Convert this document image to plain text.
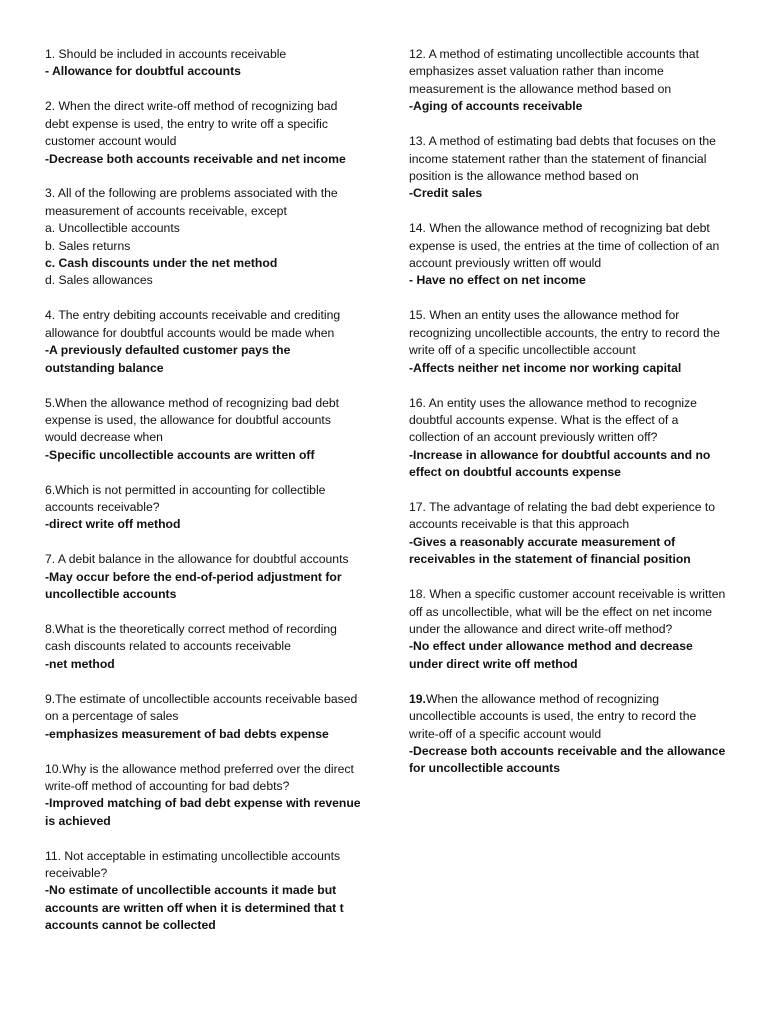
1. Should be included in accounts receivable
- Allowance for doubtful accounts
2. When the direct write-off method of recognizing bad debt expense is used, the entry to write off a specific customer account would
-Decrease both accounts receivable and net income
3. All of the following are problems associated with the measurement of accounts receivable, except
a. Uncollectible accounts
b. Sales returns
c. Cash discounts under the net method
d. Sales allowances
4. The entry debiting accounts receivable and crediting allowance for doubtful accounts would be made when
-A previously defaulted customer pays the outstanding balance
5.When the allowance method of recognizing bad debt expense is used, the allowance for doubtful accounts would decrease when
-Specific uncollectible accounts are written off
6.Which is not permitted in accounting for collectible accounts receivable?
-direct write off method
7. A debit balance in the allowance for doubtful accounts
-May occur before the end-of-period adjustment for uncollectible accounts
8.What is the theoretically correct method of recording cash discounts related to accounts receivable
-net method
9.The estimate of uncollectible accounts receivable based on a percentage of sales
-emphasizes measurement of bad debts expense
10.Why is the allowance method preferred over the direct write-off method of accounting for bad debts?
-Improved matching of bad debt expense with revenue is achieved
11. Not acceptable in estimating uncollectible accounts receivable?
-No estimate of uncollectible accounts it made but accounts are written off when it is determined that t accounts cannot be collected
12. A method of estimating uncollectible accounts that emphasizes asset valuation rather than income measurement is the allowance method based on
-Aging of accounts receivable
13. A method of estimating bad debts that focuses on the income statement rather than the statement of financial position is the allowance method based on
-Credit sales
14. When the allowance method of recognizing bat debt expense is used, the entries at the time of collection of an account previously written off would
- Have no effect on net income
15. When an entity uses the allowance method for recognizing uncollectible accounts, the entry to record the write off of a specific uncollectible account
-Affects neither net income nor working capital
16. An entity uses the allowance method to recognize doubtful accounts expense. What is the effect of a collection of an account previously written off?
-Increase in allowance for doubtful accounts and no effect on doubtful accounts expense
17. The advantage of relating the bad debt experience to accounts receivable is that this approach
-Gives a reasonably accurate measurement of receivables in the statement of financial position
18. When a specific customer account receivable is written off as uncollectible, what will be the effect on net income under the allowance and direct write-off method?
-No effect under allowance method and decrease under direct write off method
19.When the allowance method of recognizing uncollectible accounts is used, the entry to record the write-off of a specific account would
-Decrease both accounts receivable and the allowance for uncollectible accounts
